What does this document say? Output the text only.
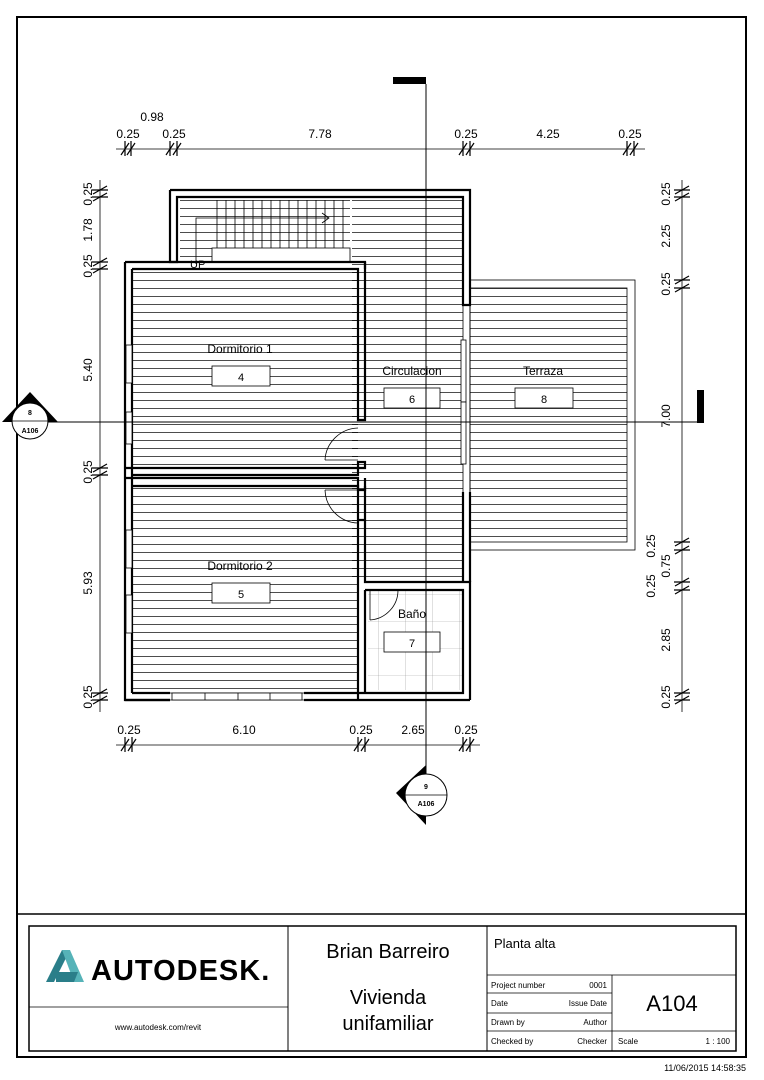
UP
Dormitorio 1
4	Circulacion
6
Terraza
8
Dormitorio 2
5
Baño
7
8
A106
9
A106
0.98
0.25 0.25	7.78	0.25	4.25	0.25
0.25	6.10	0.25 2.65 0.25
0.25
1.78
0.25
5.40
0.25
5.93
0.25
0.25
2.25
0.25
7.00
0.25
0.75
0.25
2.85
0.25
AUTODESK.
www.autodesk.com/revit
Brian Barreiro
Vivienda
unifamiliar
Planta alta
Project number	0001
Date	Issue Date
Drawn by	Author
Checked by	Checker
A104
Scale	1 : 100
11/06/2015 14:58:35
